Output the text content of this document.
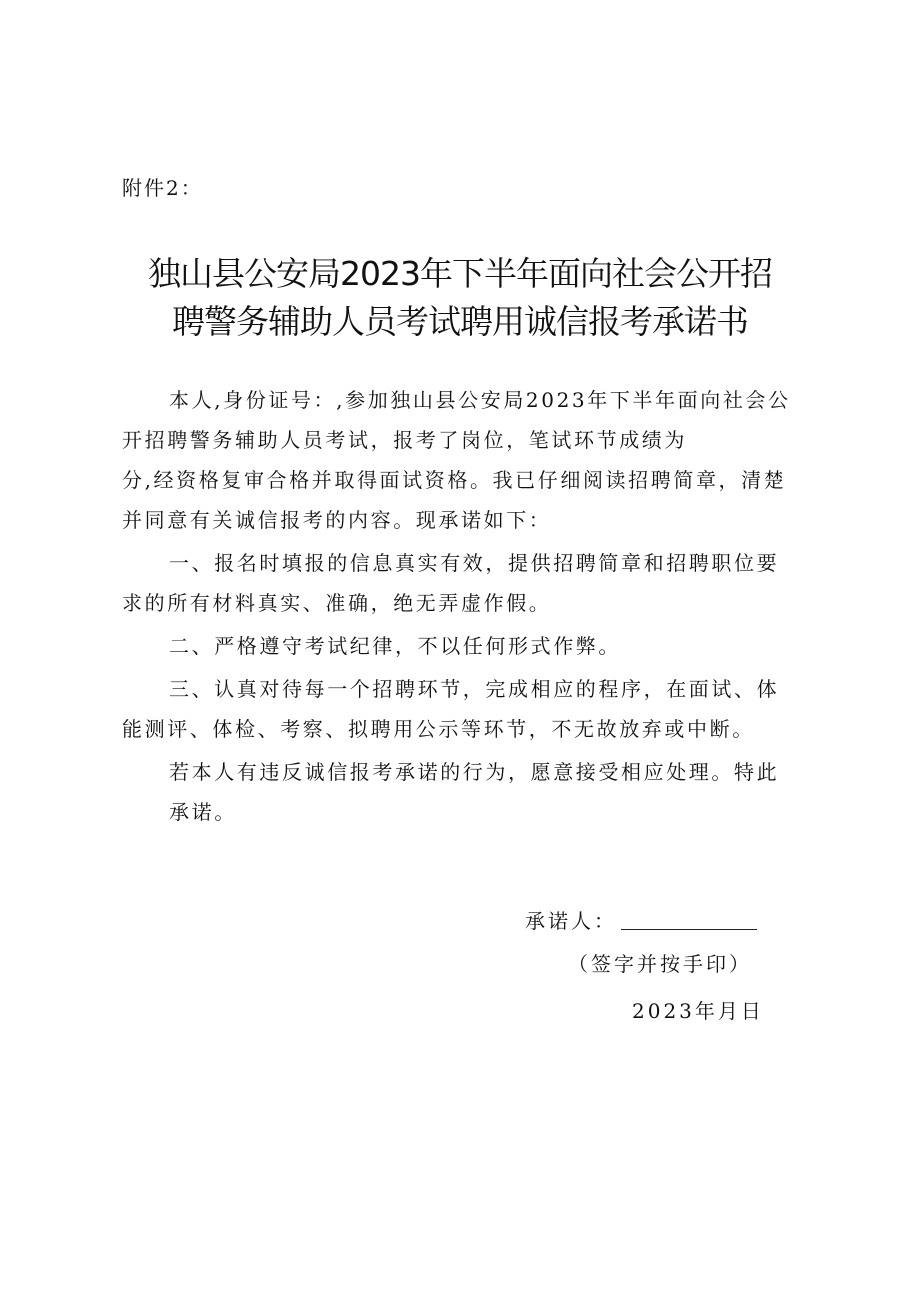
附件2：
独山县公安局2023年下半年面向社会公开招
聘警务辅助人员考试聘用诚信报考承诺书
本人,身份证号：,参加独山县公安局2023年下半年面向社会公
开招聘警务辅助人员考试，报考了岗位，笔试环节成绩为
分,经资格复审合格并取得面试资格。我已仔细阅读招聘简章，清楚
并同意有关诚信报考的内容。现承诺如下：
一、报名时填报的信息真实有效，提供招聘简章和招聘职位要
求的所有材料真实、准确，绝无弄虚作假。
二、严格遵守考试纪律，不以任何形式作弊。
三、认真对待每一个招聘环节，完成相应的程序，在面试、体
能测评、体检、考察、拟聘用公示等环节，不无故放弃或中断。
若本人有违反诚信报考承诺的行为，愿意接受相应处理。特此
承诺。
承诺人：
（签字并按手印）
2023年月日
